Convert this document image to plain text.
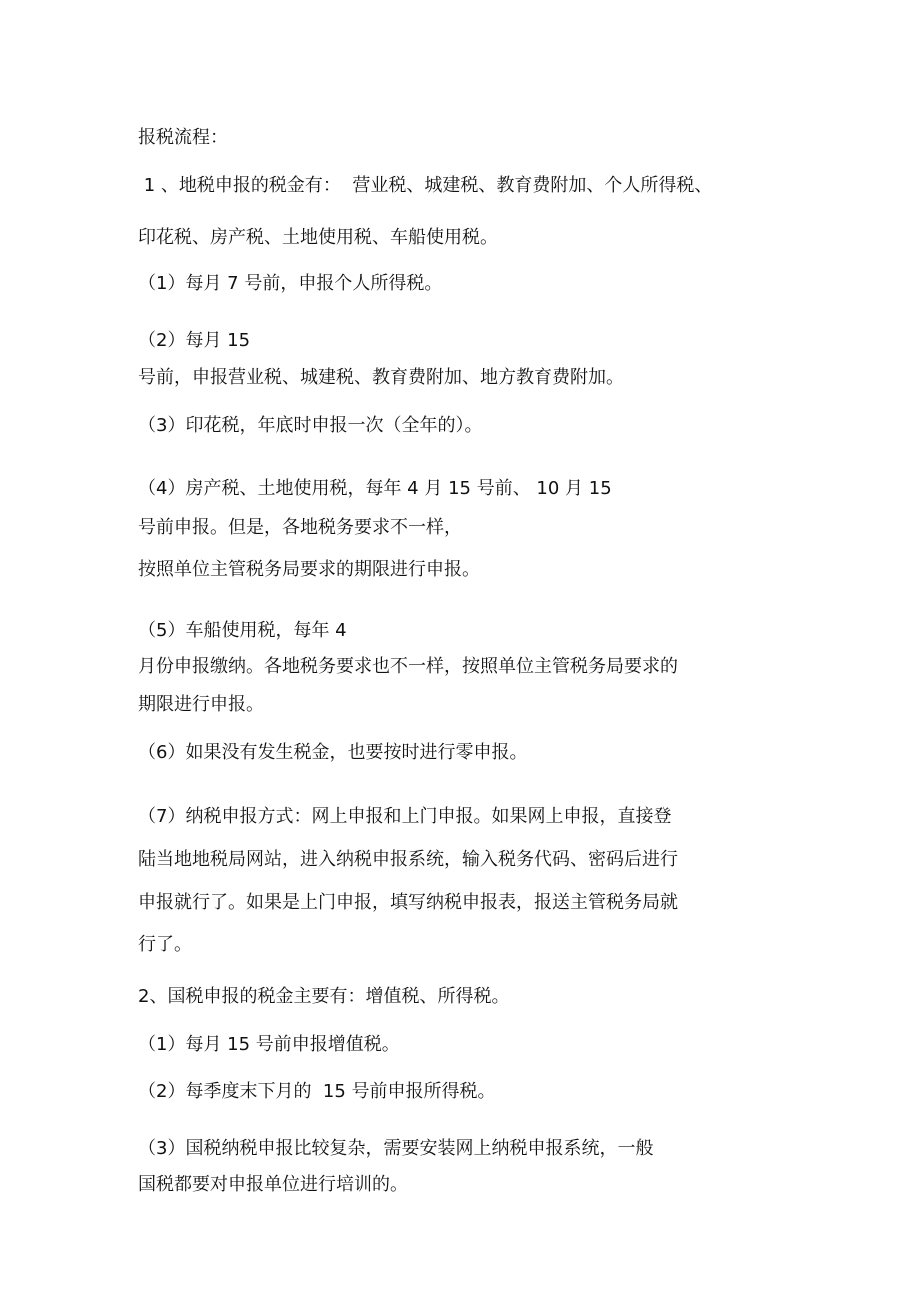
报税流程：
1 、地税申报的税金有：  营业税、城建税、教育费附加、个人所得税、
印花税、房产税、土地使用税、车船使用税。
（1）每月 7 号前，申报个人所得税。
（2）每月 15
号前，申报营业税、城建税、教育费附加、地方教育费附加。
（3）印花税，年底时申报一次（全年的）。
（4）房产税、土地使用税，每年 4 月 15 号前、 10 月 15
号前申报。但是，各地税务要求不一样，
按照单位主管税务局要求的期限进行申报。
（5）车船使用税，每年 4
月份申报缴纳。各地税务要求也不一样，按照单位主管税务局要求的
期限进行申报。
（6）如果没有发生税金，也要按时进行零申报。
（7）纳税申报方式：网上申报和上门申报。如果网上申报，直接登
陆当地地税局网站，进入纳税申报系统，输入税务代码、密码后进行
申报就行了。如果是上门申报，填写纳税申报表，报送主管税务局就
行了。
2、国税申报的税金主要有：增值税、所得税。
（1）每月 15 号前申报增值税。
（2）每季度末下月的  15 号前申报所得税。
（3）国税纳税申报比较复杂，需要安装网上纳税申报系统，一般
国税都要对申报单位进行培训的。
